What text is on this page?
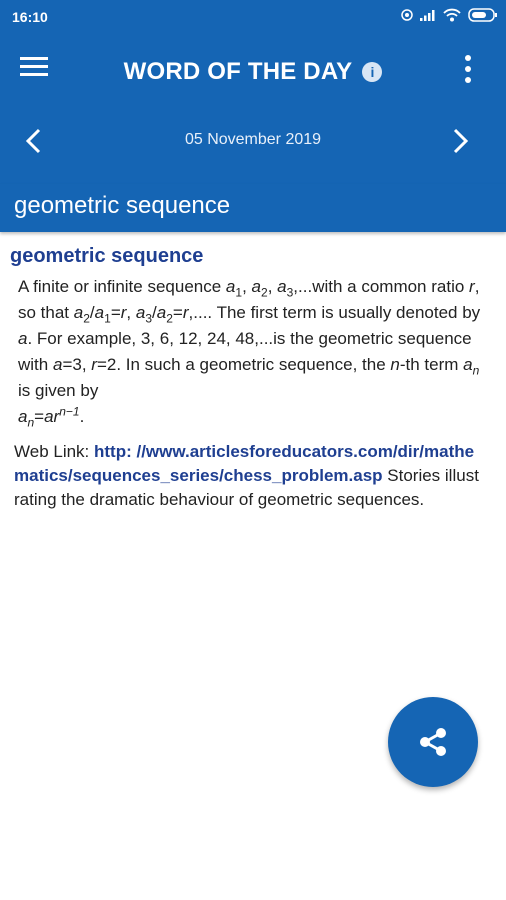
16:10
WORD OF THE DAY	i
05 November 2019
geometric sequence
geometric sequence
A finite or infinite sequence $a_1$, $a_2$, $a_3,...with$ a common ratio r, so that $a_2/a_1=r$, $a_3/a_2=r$,.... The first term is usually denoted by a. For example, 3, 6, 12, 24, 48,...is the geometric sequence with a=3, r=2. In such a geometric sequence, the n-th term $a_n$ is given by
$a_n=ar^{n-1}$.
Web Link: http: //www.articlesforeducators.com/dir/mathematics/sequences_series/chess_problem.asp Stories illustrating the dramatic behaviour of geometric sequences.
